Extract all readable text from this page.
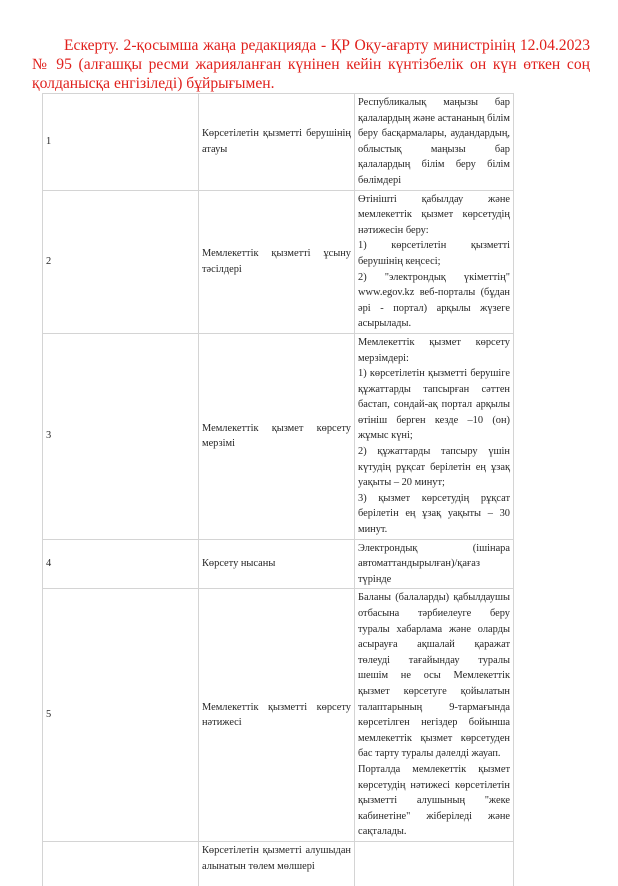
Ескерту. 2-қосымша жаңа редакцияда - ҚР Оқу-ағарту министрінің 12.04.2023 № 95 (алғашқы ресми жарияланған күнінен кейін күнтізбелік он күн өткен соң қолданысқа енгізіледі) бұйрығымен.
1	Көрсетілетін қызметті берушінің атауы	Республикалық маңызы бар қалалардың және астананың білім беру басқармалары, аудандардың, облыстық маңызы бар қалалардың білім беру білім бөлімдері

2	Мемлекеттік қызметті ұсыну тәсілдері	Өтінішті қабылдау және мемлекеттік қызмет көрсетудің нәтижесін беру:

1) көрсетілетін қызметті берушінің кеңсесі;

2) "электрондық үкіметтің" www.egov.kz веб-порталы (бұдан әрі - портал) арқылы жүзеге асырылады.

3	Мемлекеттік қызмет көрсету мерзімі	Мемлекеттік қызмет көрсету мерзімдері:

1) көрсетілетін қызметті берушіге құжаттарды тапсырған сәттен бастап, сондай-ақ портал арқылы өтініш берген кезде –10 (он) жұмыс күні;

2) құжаттарды тапсыру үшін күтудің рұқсат берілетін ең ұзақ уақыты – 20 минут;

3) қызмет көрсетудің рұқсат берілетін ең ұзақ уақыты – 30 минут.

4	Көрсету нысаны	Электрондық (ішінара автоматтандырылған)/қағаз түрінде

5	Мемлекеттік қызметті көрсету нәтижесі	Баланы (балаларды) қабылдаушы отбасына тәрбиелеуге беру туралы хабарлама және оларды асырауға ақшалай қаражат төлеуді тағайындау туралы шешім не осы Мемлекеттік қызмет көрсетуге қойылатын талаптарының 9-тармағында көрсетілген негіздер бойынша мемлекеттік қызмет көрсетуден бас тарту туралы дәлелді жауап.

Порталда мемлекеттік қызмет көрсетудің нәтижесі көрсетілетін қызметті алушының "жеке кабинетіне" жіберіледі және сақталады.

	Көрсетілетін қызметті алушыдан алынатын төлем мөлшері	
